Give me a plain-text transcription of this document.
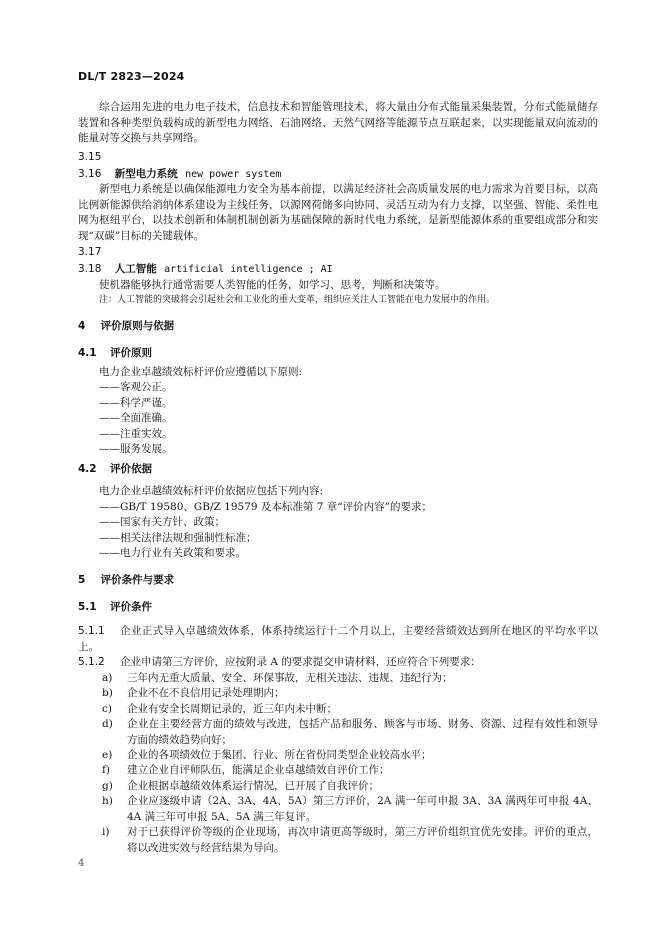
DL/T 2823—2024
综合运用先进的电力电子技术，信息技术和智能管理技术，将大量由分布式能量采集装置，分布式能量储存装置和各种类型负载构成的新型电力网络、石油网络、天然气网络等能源节点互联起来，以实现能量双向流动的能量对等交换与共享网络。
3.15
3.16 新型电力系统 new power system
新型电力系统是以确保能源电力安全为基本前提，以满足经济社会高质量发展的电力需求为首要目标，以高比例新能源供给消纳体系建设为主线任务，以源网荷储多向协同、灵活互动为有力支撑，以坚强、智能、柔性电网为枢纽平台，以技术创新和体制机制创新为基础保障的新时代电力系统，是新型能源体系的重要组成部分和实现“双碳”目标的关键载体。
3.17
3.18 人工智能 artificial intelligence ; AI
使机器能够执行通常需要人类智能的任务，如学习、思考，判断和决策等。
注：人工智能的突破将会引起社会和工业化的重大变革，组织应关注人工智能在电力发展中的作用。
4 评价原则与依据
4.1 评价原则
电力企业卓越绩效标杆评价应遵循以下原则:
——客观公正。
——科学严谨。
——全面准确。
——注重实效。
——服务发展。
4.2 评价依据
电力企业卓越绩效标杆评价依据应包括下列内容:
——GB/T 19580、GB/Z 19579 及本标准第 7 章“评价内容”的要求；
——国家有关方针、政策；
——相关法律法规和强制性标准；
——电力行业有关政策和要求。
5 评价条件与要求
5.1 评价条件
5.1.1	企业正式导入卓越绩效体系，体系持续运行十二个月以上，主要经营绩效达到所在地区的平均水平以上。
5.1.2 企业申请第三方评价，应按附录 A 的要求提交申请材料，还应符合下列要求：
a) 三年内无重大质量、安全、环保事故，无相关违法、违规、违纪行为；
b) 企业不在不良信用记录处理期内；
c) 企业有安全长周期记录的，近三年内未中断；
d) 企业在主要经营方面的绩效与改进，包括产品和服务、顾客与市场、财务、资源、过程有效性和领导方面的绩效趋势向好；
e) 企业的各项绩效位于集团、行业、所在省份同类型企业较高水平；
f) 建立企业自评师队伍，能满足企业卓越绩效自评价工作；
g) 企业根据卓越绩效体系运行情况，已开展了自我评价；
h) 企业应逐级申请（2A、3A、4A、5A）第三方评价，2A 满一年可申报 3A、3A 满两年可申报 4A、4A 满三年可申报 5A、5A 满三年复评。
i) 对于已获得评价等级的企业现场，再次申请更高等级时，第三方评价组织宜优先安排。评价的重点，将以改进实效与经营结果为导向。
4
